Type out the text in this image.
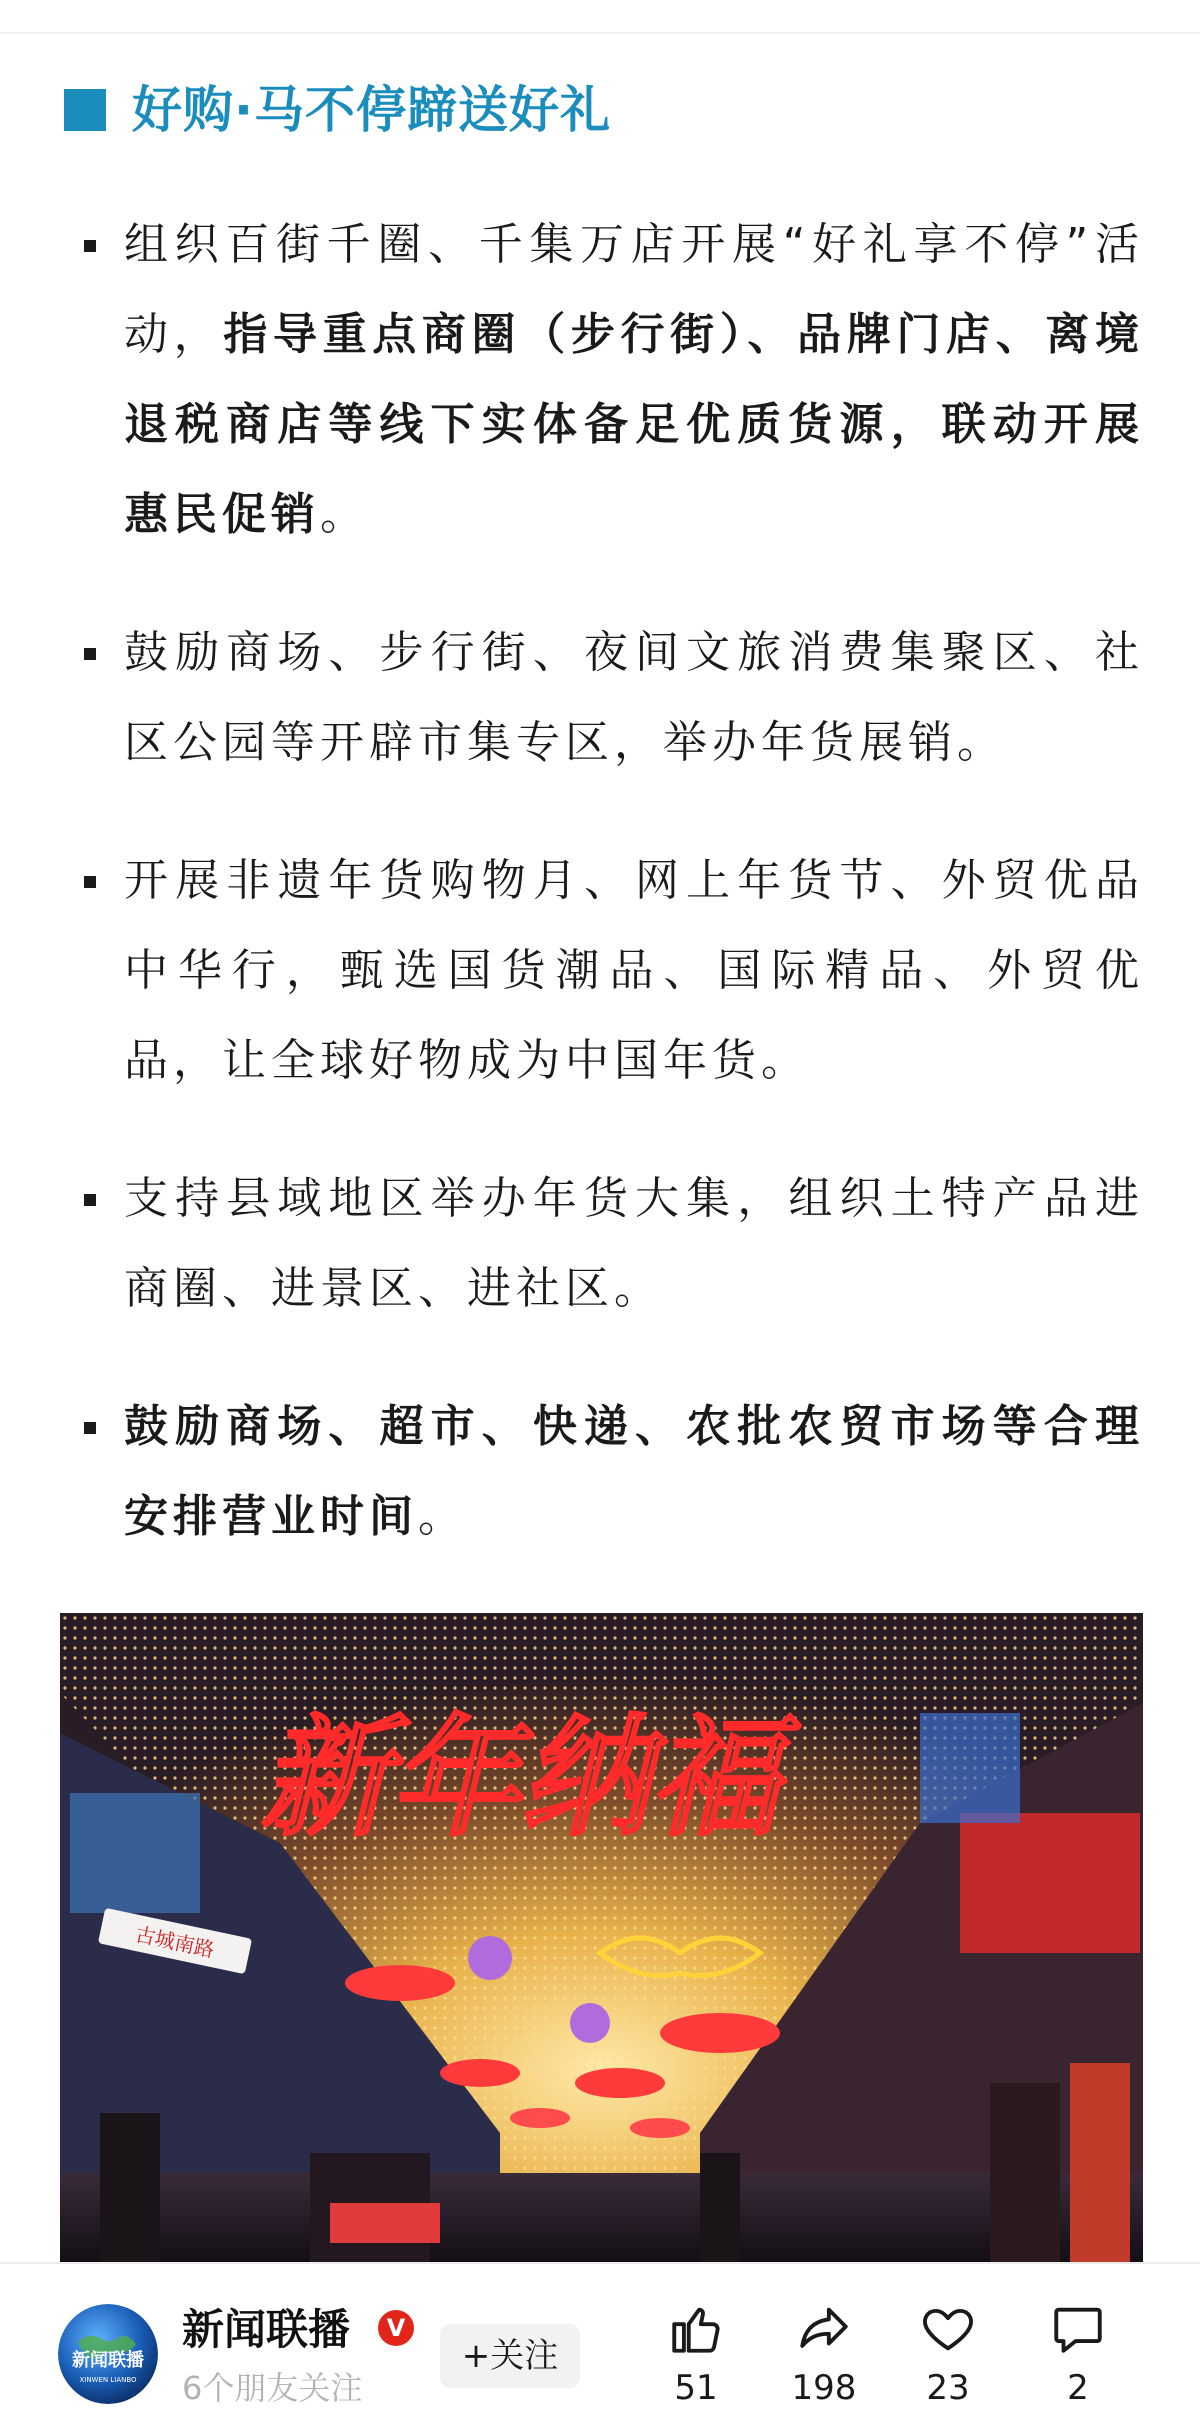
好购·马不停蹄送好礼
组织百街千圈、千集万店开展“好礼享不停”活动，指导重点商圈（步行街）、品牌门店、离境退税商店等线下实体备足优质货源，联动开展惠民促销。
鼓励商场、步行街、夜间文旅消费集聚区、社区公园等开辟市集专区，举办年货展销。
开展非遗年货购物月、网上年货节、外贸优品中华行，甄选国货潮品、国际精品、外贸优品，让全球好物成为中国年货。
支持县域地区举办年货大集，组织土特产品进商圈、进景区、进社区。
鼓励商场、超市、快递、农批农贸市场等合理安排营业时间。
新年纳福
古城南路
新闻联播
XINWEN LIANBO
新闻联播	V
6个朋友关注
+关注
51	198	23	2
